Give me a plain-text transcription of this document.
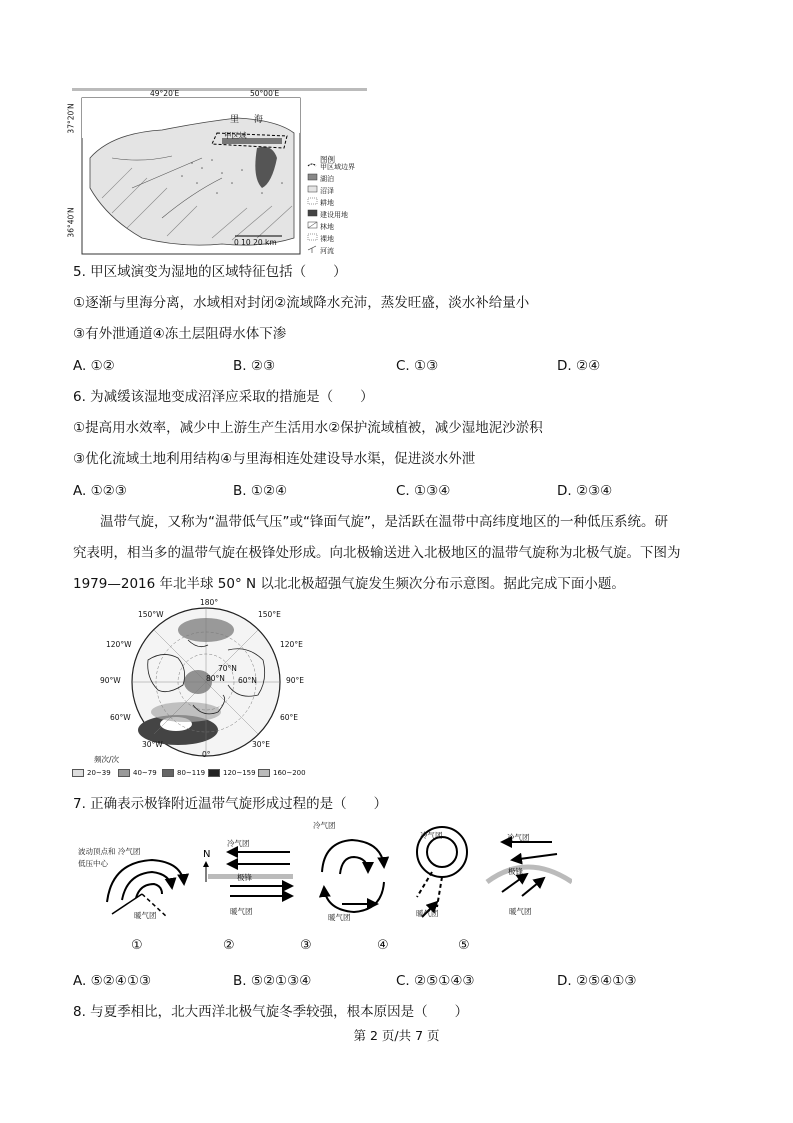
49°20′E	50°00′E
37°20′N
36°40′N
里 海
甲区域
图例
甲区域边界
湖泊
沼泽
耕地
建设用地
林地
裸地
河流
0 10 20 km
5. 甲区域演变为湿地的区域特征包括（　　）
①逐渐与里海分离，水域相对封闭②流域降水充沛，蒸发旺盛，淡水补给量小
③有外泄通道④冻土层阻碍水体下渗
A. ①②	B. ②③	C. ①③	D. ②④
6. 为减缓该湿地变成沼泽应采取的措施是（　　）
①提高用水效率，减少中上游生产生活用水②保护流域植被，减少湿地泥沙淤积
③优化流域土地利用结构④与里海相连处建设导水渠，促进淡水外泄
A. ①②③	B. ①②④	C. ①③④	D. ②③④
温带气旋，又称为“温带低气压”或“锋面气旋”，是活跃在温带中高纬度地区的一种低压系统。研
究表明，相当多的温带气旋在极锋处形成。向北极输送进入北极地区的温带气旋称为北极气旋。下图为
1979—2016 年北半球 50° N 以北北极超强气旋发生频次分布示意图。据此完成下面小题。
180°
150°W	150°E
120°W	120°E
90°W	90°E
60°W	60°E
30°W	30°E
0°
70°N
80°N 60°N
频次/次
20~39	40~79	80~119	120~159	160~200
7. 正确表示极锋附近温带气旋形成过程的是（　　）
N
波动顶点和 冷气团
低压中心
暖气团
冷气团
极锋
暖气团
冷气团
暖气团
冷气团
暖气团
冷气团
极锋
暖气团
①	②	③	④	⑤
A. ⑤②④①③	B. ⑤②①③④	C. ②⑤①④③	D. ②⑤④①③
8. 与夏季相比，北大西洋北极气旋冬季较强，根本原因是（　　）
第 2 页/共 7 页
